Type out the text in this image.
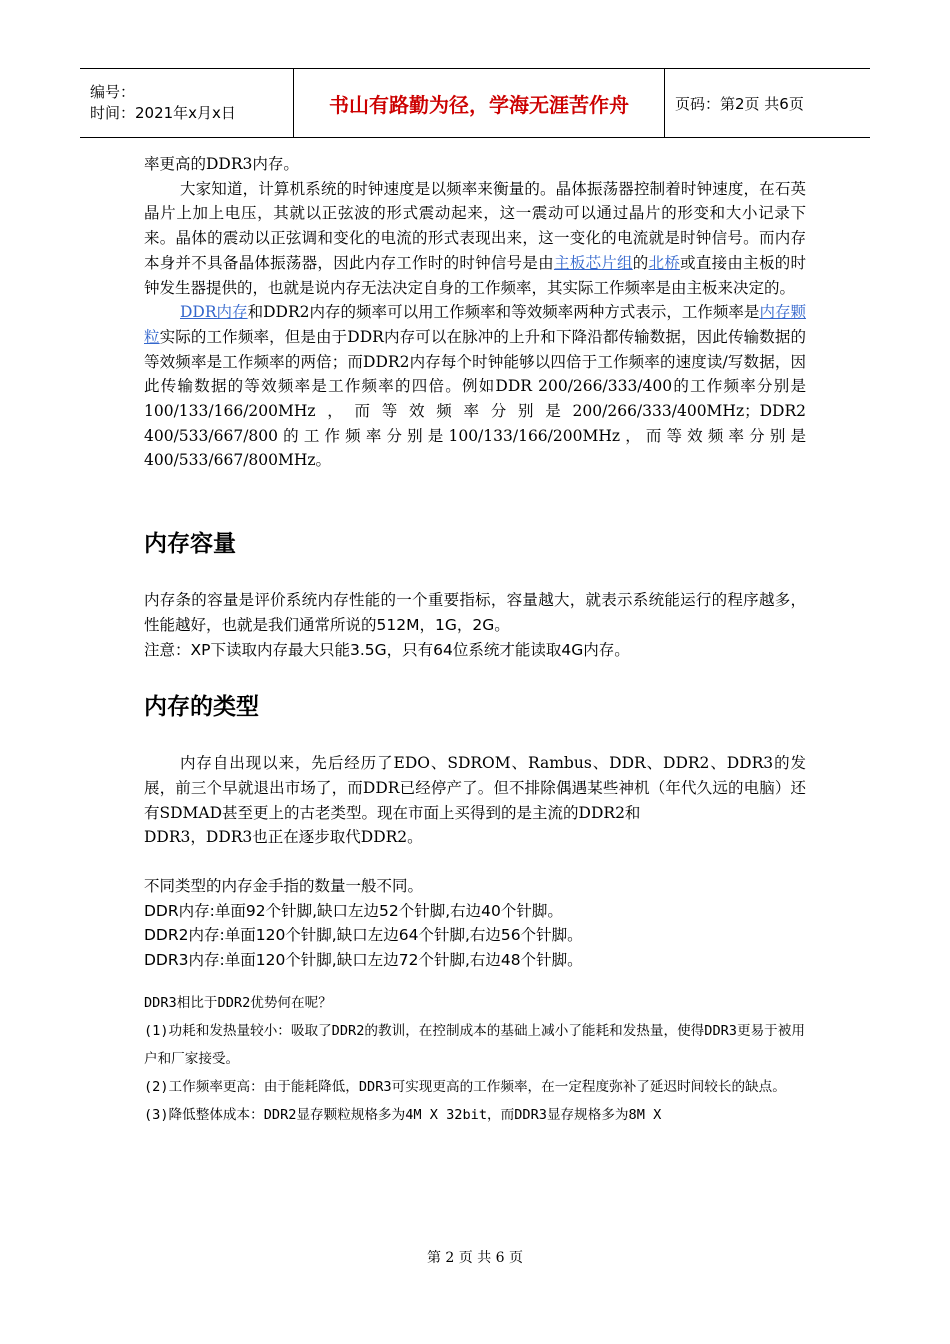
编号：
时间：2021年x月x日	书山有路勤为径，学海无涯苦作舟	页码：第2页 共6页

率更高的DDR3内存。

大家知道，计算机系统的时钟速度是以频率来衡量的。晶体振荡器控制着时钟速度，在石英晶片上加上电压，其就以正弦波的形式震动起来，这一震动可以通过晶片的形变和大小记录下来。晶体的震动以正弦调和变化的电流的形式表现出来，这一变化的电流就是时钟信号。而内存本身并不具备晶体振荡器，因此内存工作时的时钟信号是由主板芯片组的北桥或直接由主板的时钟发生器提供的，也就是说内存无法决定自身的工作频率，其实际工作频率是由主板来决定的。

DDR内存和DDR2内存的频率可以用工作频率和等效频率两种方式表示，工作频率是内存颗粒实际的工作频率，但是由于DDR内存可以在脉冲的上升和下降沿都传输数据，因此传输数据的等效频率是工作频率的两倍；而DDR2内存每个时钟能够以四倍于工作频率的速度读/写数据，因此传输数据的等效频率是工作频率的四倍。例如DDR 200/266/333/400的工作频率分别是100/133/166/200MHz，而等效频率分别是200/266/333/400MHz；DDR2 400/533/667/800的工作频率分别是100/133/166/200MHz，而等效频率分别是400/533/667/800MHz。

内存容量

内存条的容量是评价系统内存性能的一个重要指标，容量越大，就表示系统能运行的程序越多，性能越好，也就是我们通常所说的512M，1G，2G。

注意：XP下读取内存最大只能3.5G，只有64位系统才能读取4G内存。

内存的类型

内存自出现以来，先后经历了EDO、SDROM、Rambus、DDR、DDR2、DDR3的发展，前三个早就退出市场了，而DDR已经停产了。但不排除偶遇某些神机（年代久远的电脑）还有SDMAD甚至更上的古老类型。现在市面上买得到的是主流的DDR2和

DDR3，DDR3也正在逐步取代DDR2。

不同类型的内存金手指的数量一般不同。

DDR内存:单面92个针脚,缺口左边52个针脚,右边40个针脚。

DDR2内存:单面120个针脚,缺口左边64个针脚,右边56个针脚。

DDR3内存:单面120个针脚,缺口左边72个针脚,右边48个针脚。

DDR3相比于DDR2优势何在呢？

(1)功耗和发热量较小：吸取了DDR2的教训，在控制成本的基础上减小了能耗和发热量，使得DDR3更易于被用户和厂家接受。

(2)工作频率更高：由于能耗降低，DDR3可实现更高的工作频率，在一定程度弥补了延迟时间较长的缺点。

(3)降低整体成本：DDR2显存颗粒规格多为4M X 32bit，而DDR3显存规格多为8M X

第 2 页 共 6 页
